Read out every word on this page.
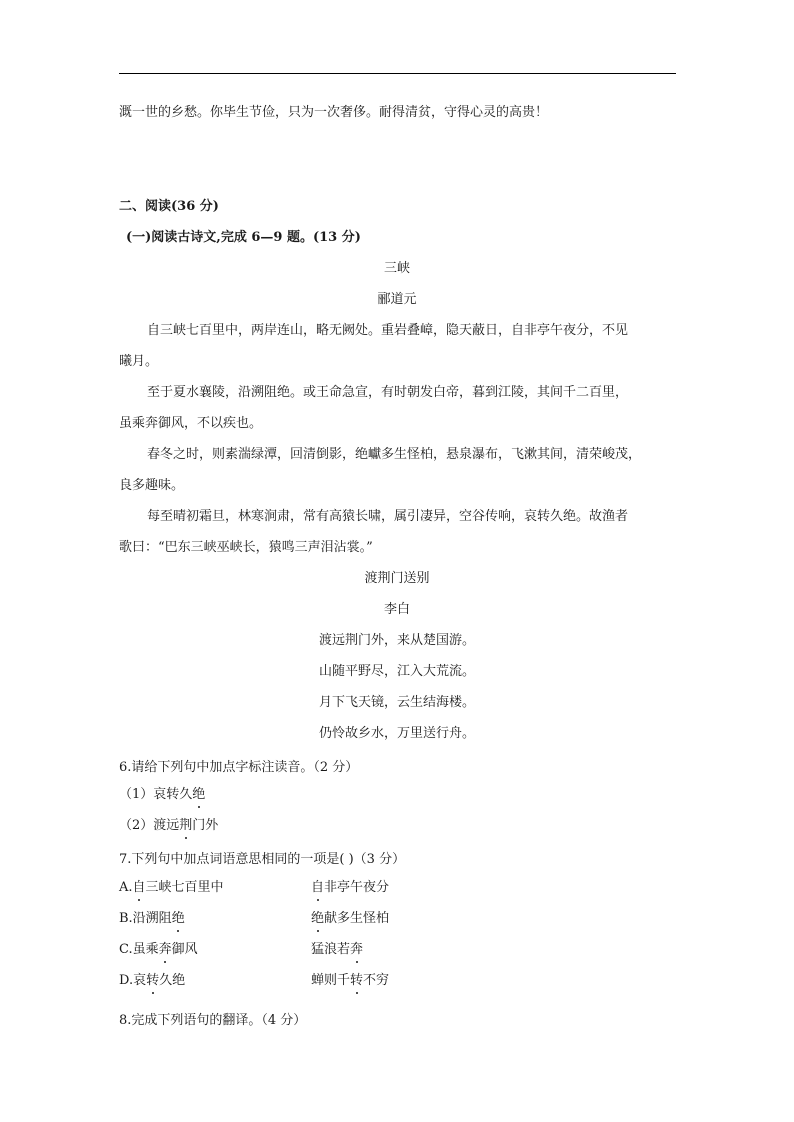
溉一世的乡愁。你毕生节俭，只为一次奢侈。耐得清贫，守得心灵的高贵！
二、阅读(36 分)
(一)阅读古诗文,完成 6—9 题。(13 分)
三峡
郦道元
自三峡七百里中，两岸连山，略无阙处。重岩叠嶂，隐天蔽日，自非亭午夜分，不见
曦月。
至于夏水襄陵，沿溯阻绝。或王命急宣，有时朝发白帝，暮到江陵，其间千二百里，
虽乘奔御风，不以疾也。
春冬之时，则素湍绿潭，回清倒影，绝巘多生怪柏，悬泉瀑布，飞漱其间，清荣峻茂，
良多趣味。
每至晴初霜旦，林寒涧肃，常有高猿长啸，属引凄异，空谷传响，哀转久绝。故渔者
歌曰：“巴东三峡巫峡长，猿鸣三声泪沾裳。”
渡荆门送别
李白
渡远荆门外，来从楚国游。
山随平野尽，江入大荒流。
月下飞天镜，云生结海楼。
仍怜故乡水，万里送行舟。
6.请给下列句中加点字标注读音。（2 分）
（1）哀转久绝
（2）渡远荆门外
7.下列句中加点词语意思相同的一项是( )（3 分）
A.自三峡七百里中	自非亭午夜分
B.沿溯阻绝	绝献多生怪柏
C.虽乘奔御风	猛浪若奔
D.哀转久绝	蝉则千转不穷
8.完成下列语句的翻译。（4 分）
